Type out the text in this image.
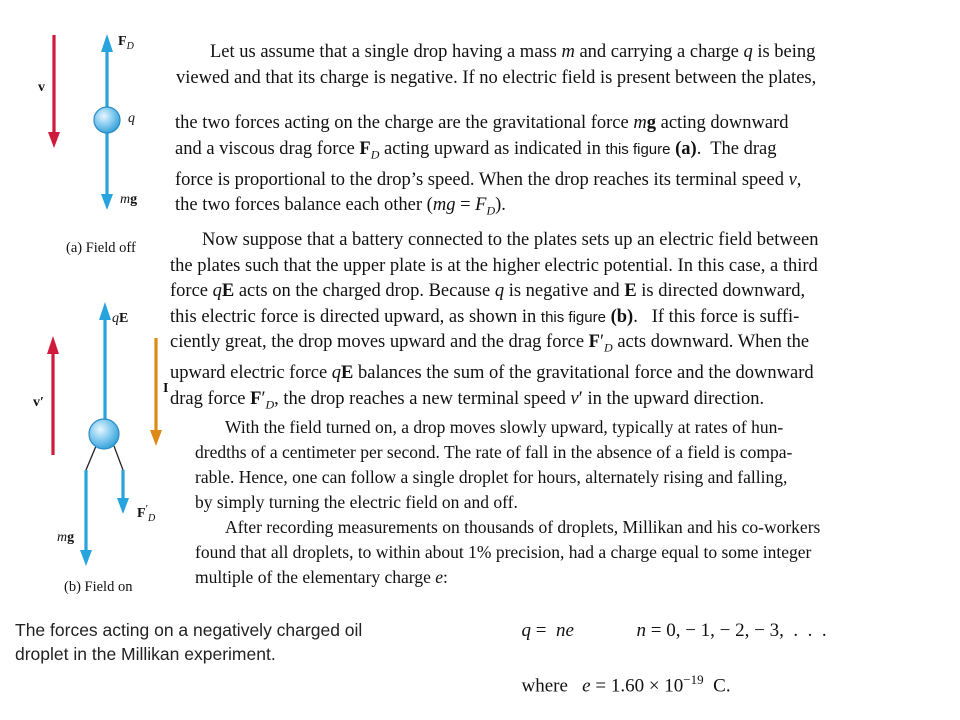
$F_D$
v
q
mg
(a) Field off
qE
v′
I
$F'_D$
mg
(b) Field on
Let us assume that a single drop having a mass m and carrying a charge q is being
viewed and that its charge is negative. If no electric field is present between the plates,
the two forces acting on the charge are the gravitational force mg acting downward
and a viscous drag force $F_D$ acting upward as indicated in this figure (a).  The drag
force is proportional to the drop’s speed. When the drop reaches its terminal speed v,
the two forces balance each other $(mg = F_D)$.
Now suppose that a battery connected to the plates sets up an electric field between
the plates such that the upper plate is at the higher electric potential. In this case, a third
force qE acts on the charged drop. Because q is negative and E is directed downward,
this electric force is directed upward, as shown in this figure (b).   If this force is suffi-
ciently great, the drop moves upward and the drag force $F'_D$ acts downward. When the
upward electric force qE balances the sum of the gravitational force and the downward
drag force $F'_D$, the drop reaches a new terminal speed v′ in the upward direction.
With the field turned on, a drop moves slowly upward, typically at rates of hun-
dredths of a centimeter per second. The rate of fall in the absence of a field is compa-
rable. Hence, one can follow a single droplet for hours, alternately rising and falling,
by simply turning the electric field on and off.
After recording measurements on thousands of droplets, Millikan and his co-workers
found that all droplets, to within about 1% precision, had a charge equal to some integer
multiple of the elementary charge e:

q =  ne	n = 0, − 1, − 2, − 3,  .  .  .

where $e = 1.60 \times 10^{-19}$ C.

The forces acting on a negatively charged oil
droplet in the Millikan experiment.
